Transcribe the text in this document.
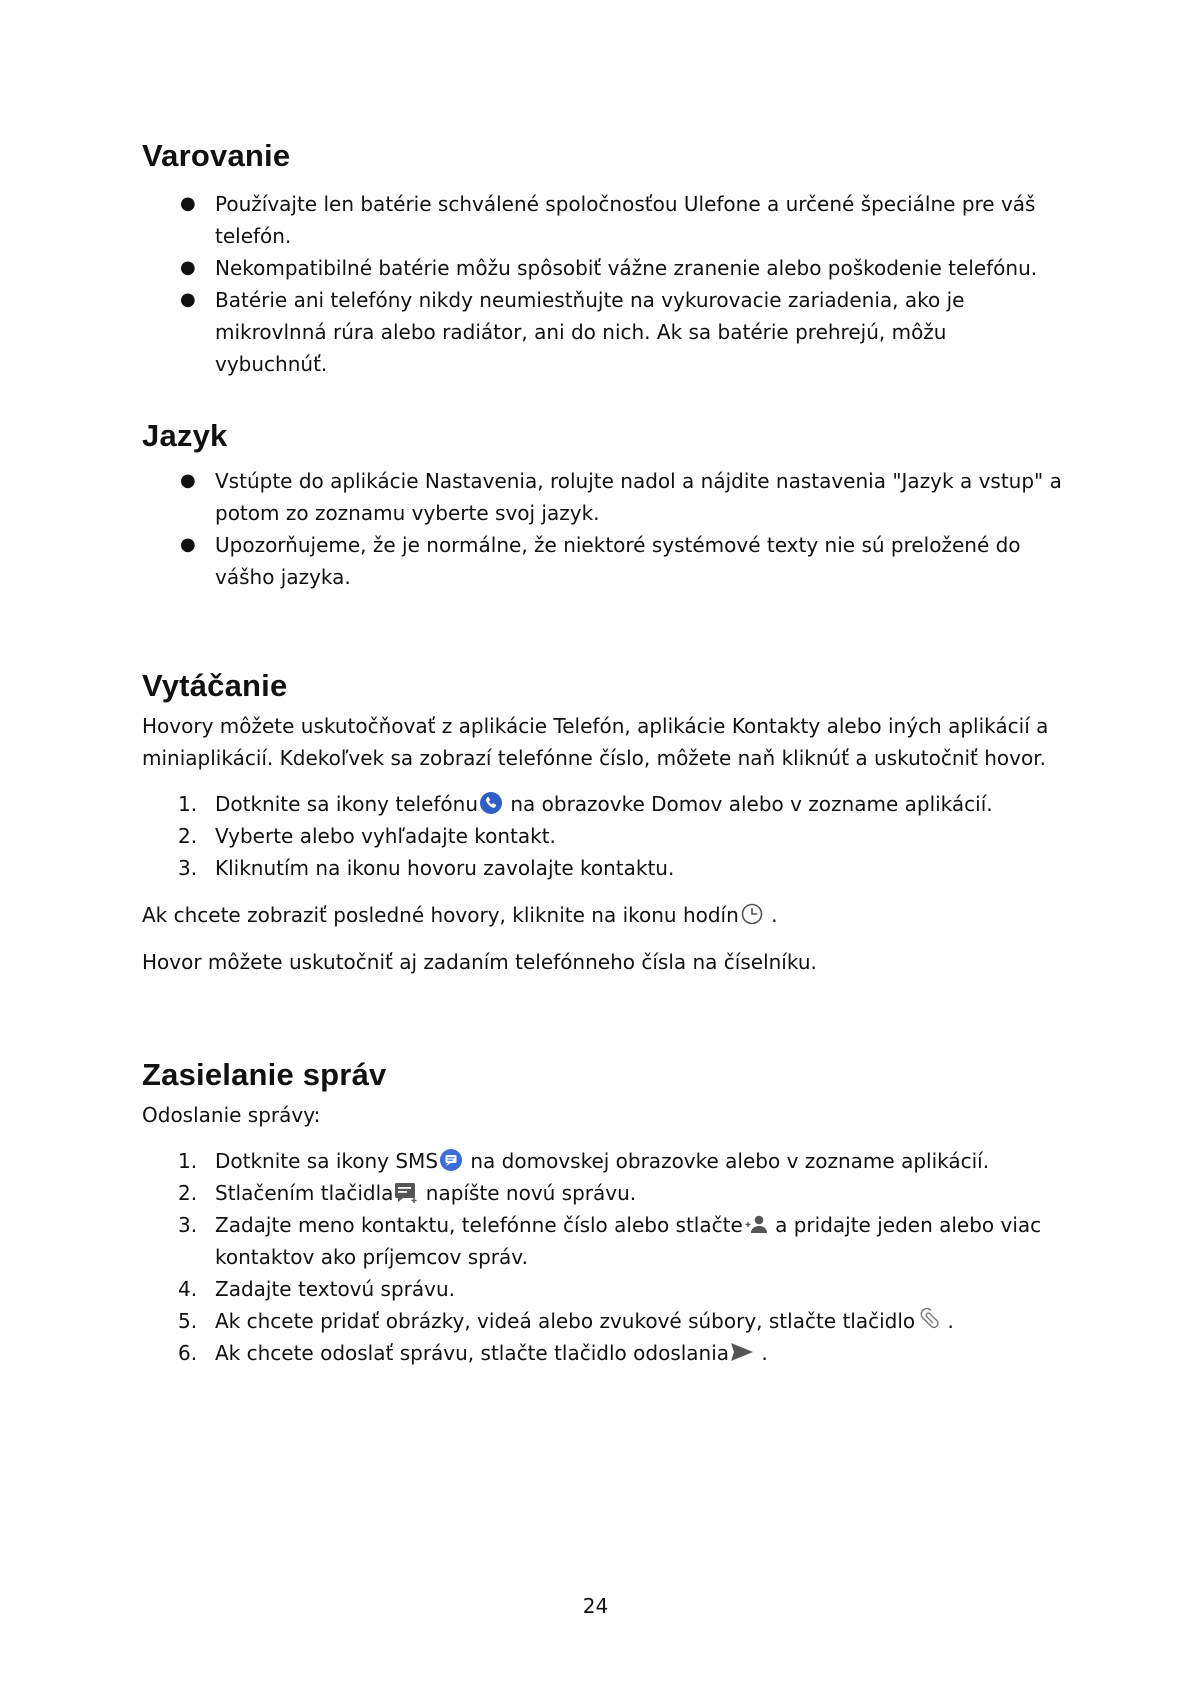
Varovanie
● Používajte len batérie schválené spoločnosťou Ulefone a určené špeciálne pre váš telefón.
● Nekompatibilné batérie môžu spôsobiť vážne zranenie alebo poškodenie telefónu.
● Batérie ani telefóny nikdy neumiestňujte na vykurovacie zariadenia, ako je mikrovlnná rúra alebo radiátor, ani do nich. Ak sa batérie prehrejú, môžu vybuchnúť.
Jazyk
● Vstúpte do aplikácie Nastavenia, rolujte nadol a nájdite nastavenia "Jazyk a vstup" a potom zo zoznamu vyberte svoj jazyk.
● Upozorňujeme, že je normálne, že niektoré systémové texty nie sú preložené do vášho jazyka.
Vytáčanie

Hovory môžete uskutočňovať z aplikácie Telefón, aplikácie Kontakty alebo iných aplikácií a miniaplikácií. Kdekoľvek sa zobrazí telefónne číslo, môžete naň kliknúť a uskutočniť hovor.

1. Dotknite sa ikony telefónu
na obrazovke Domov alebo v zozname aplikácií.
2. Vyberte alebo vyhľadajte kontakt.
3. Kliknutím na ikonu hovoru zavolajte kontaktu.

Ak chcete zobraziť posledné hovory, kliknite na ikonu hodín
.

Hovor môžete uskutočniť aj zadaním telefónneho čísla na číselníku.

Zasielanie správ

Odoslanie správy:

1. Dotknite sa ikony SMS
na domovskej obrazovke alebo v zozname aplikácií.
2. Stlačením tlačidla
napíšte novú správu.
3. Zadajte meno kontaktu, telefónne číslo alebo stlačte
a pridajte jeden alebo viac kontaktov ako príjemcov správ.
4. Zadajte textovú správu.
5. Ak chcete pridať obrázky, videá alebo zvukové súbory, stlačte tlačidlo
.
6. Ak chcete odoslať správu, stlačte tlačidlo odoslania
.
24
